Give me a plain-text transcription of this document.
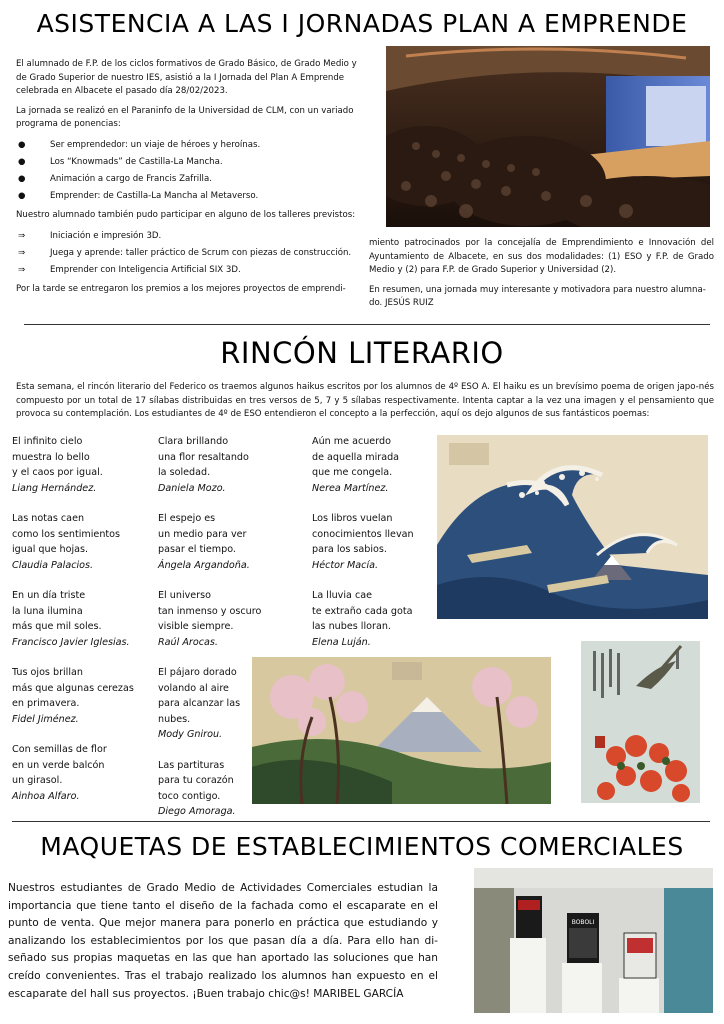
ASISTENCIA A LAS I JORNADAS PLAN A EMPRENDE

El alumnado de F.P. de los ciclos formativos de Grado Básico, de Grado Medio y de Grado Superior de nuestro IES, asistió a la I Jornada del Plan A Emprende celebrada en Albacete el pasado día 28/02/2023.

La jornada se realizó en el Paraninfo de la Universidad de CLM, con un variado programa de ponencias:

●	Ser emprendedor: un viaje de héroes y heroínas.
●	Los “Knowmads” de Castilla-La Mancha.
●	Animación a cargo de Francis Zafrilla.
●	Emprender: de Castilla-La Mancha al Metaverso.

Nuestro alumnado también pudo participar en alguno de los talleres previstos:

⇒	Iniciación e impresión 3D.
⇒	Juega y aprende: taller práctico de Scrum con piezas de construcción.
⇒	Emprender con Inteligencia Artificial SIX 3D.

Por la tarde se entregaron los premios a los mejores proyectos de emprendi-

miento patrocinados por la concejalía de Emprendimiento e Innovación del Ayuntamiento de Albacete, en sus dos modalidades: (1) ESO y F.P. de Grado Medio y (2) para F.P. de Grado Superior y Universidad (2).

En resumen, una jornada muy interesante y motivadora para nuestro alumna-do. JESÚS RUIZ

RINCÓN LITERARIO

Esta semana, el rincón literario del Federico os traemos algunos haikus escritos por los alumnos de 4º ESO A. El haiku es un brevísimo poema de origen japo-nés compuesto por un total de 17 sílabas distribuidas en tres versos de 5, 7 y 5 sílabas respectivamente. Intenta captar a la vez una imagen y el pensamiento que provoca su contemplación. Los estudiantes de 4º de ESO entendieron el concepto a la perfección, aquí os dejo algunos de sus fantásticos poemas:

El infinito cielo
muestra lo bello
y el caos por igual.
Liang Hernández.
Las notas caen
como los sentimientos
igual que hojas.
Claudia Palacios.
En un día triste
la luna ilumina
más que mil soles.
Francisco Javier Iglesias.
Tus ojos brillan
más que algunas cerezas
en primavera.
Fidel Jiménez.
Con semillas de flor
en un verde balcón
un girasol.
Ainhoa Alfaro.
Clara brillando
una flor resaltando
la soledad.
Daniela Mozo.
El espejo es
un medio para ver
pasar el tiempo.
Ángela Argandoña.
El universo
tan inmenso y oscuro
visible siempre.
Raúl Arocas.
El pájaro dorado
volando al aire
para alcanzar las
nubes.
Mody Gnirou.
Las partituras
para tu corazón
toco contigo.
Diego Amoraga.
Aún me acuerdo
de aquella mirada
que me congela.
Nerea Martínez.
Los libros vuelan
conocimientos llevan
para los sabios.
Héctor Macía.
La lluvia cae
te extraño cada gota
las nubes lloran.
Elena Luján.
MAQUETAS DE ESTABLECIMIENTOS COMERCIALES

Nuestros estudiantes de Grado Medio de Actividades Comerciales estudian la importancia que tiene tanto el diseño de la fachada como el escaparate en el punto de venta. Que mejor manera para ponerlo en práctica que estudiando y analizando los establecimientos por los que pasan día a día. Para ello han di-señado sus propias maquetas en las que han aportado las soluciones que han creído convenientes. Tras el trabajo realizado los alumnos han expuesto en el escaparate del hall sus proyectos. ¡Buen trabajo chic@s! MARIBEL GARCÍA

BOBOLI
